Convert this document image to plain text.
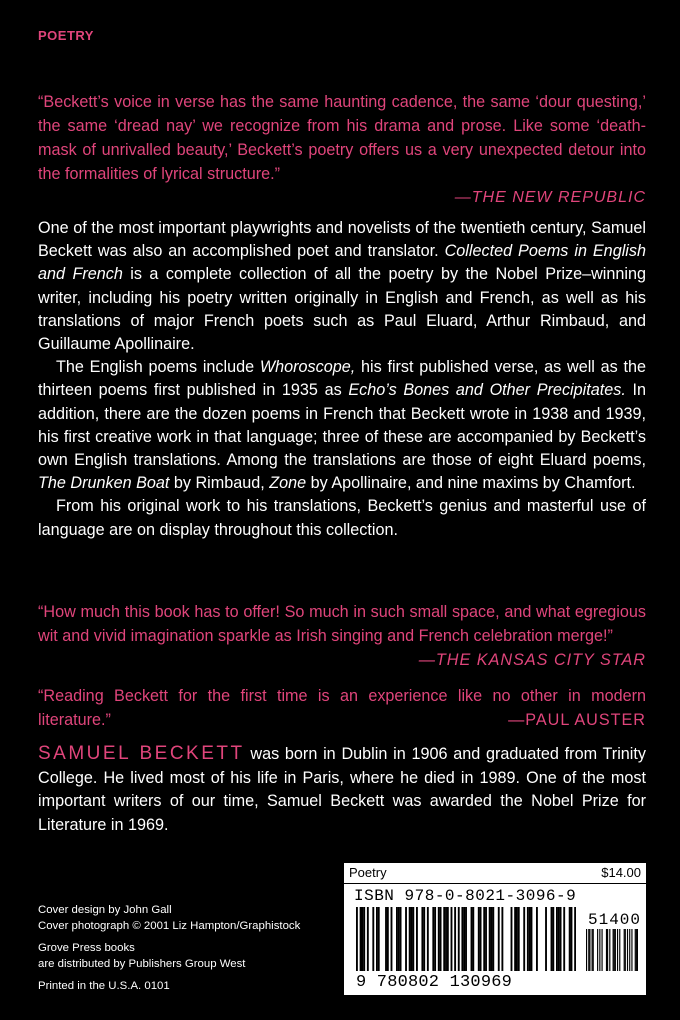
POETRY

“Beckett’s voice in verse has the same haunting cadence, the same ‘dour questing,’ the same ‘dread nay’ we recognize from his drama and prose. Like some ‘death-mask of unrivalled beauty,’ Beckett’s poetry offers us a very unexpected detour into the formalities of lyrical structure.”

—THE NEW REPUBLIC

One of the most important playwrights and novelists of the twentieth century, Samuel Beckett was also an accomplished poet and translator. Collected Poems in English and French is a complete collection of all the poetry by the Nobel Prize–winning writer, including his poetry written originally in English and French, as well as his translations of major French poets such as Paul Eluard, Arthur Rimbaud, and Guillaume Apollinaire.

The English poems include Whoroscope, his first published verse, as well as the thirteen poems first published in 1935 as Echo’s Bones and Other Precipitates. In addition, there are the dozen poems in French that Beckett wrote in 1938 and 1939, his first creative work in that language; three of these are accompanied by Beckett’s own English translations. Among the translations are those of eight Eluard poems, The Drunken Boat by Rimbaud, Zone by Apollinaire, and nine maxims by Chamfort.

From his original work to his translations, Beckett’s genius and masterful use of language are on display throughout this collection.

“How much this book has to offer! So much in such small space, and what egregious wit and vivid imagination sparkle as Irish singing and French celebration merge!”
—THE KANSAS CITY STAR

“Reading Beckett for the first time is an experience like no other in modern literature.”	—PAUL AUSTER

SAMUEL BECKETT was born in Dublin in 1906 and graduated from Trinity College. He lived most of his life in Paris, where he died in 1989. One of the most important writers of our time, Samuel Beckett was awarded the Nobel Prize for Literature in 1969.

Cover design by John Gall
Cover photograph © 2001 Liz Hampton/Graphistock
Grove Press books
are distributed by Publishers Group West
Printed in the U.S.A. 0101
Poetry	$14.00
ISBN 978-0-8021-3096-9
51400
9 780802 130969
